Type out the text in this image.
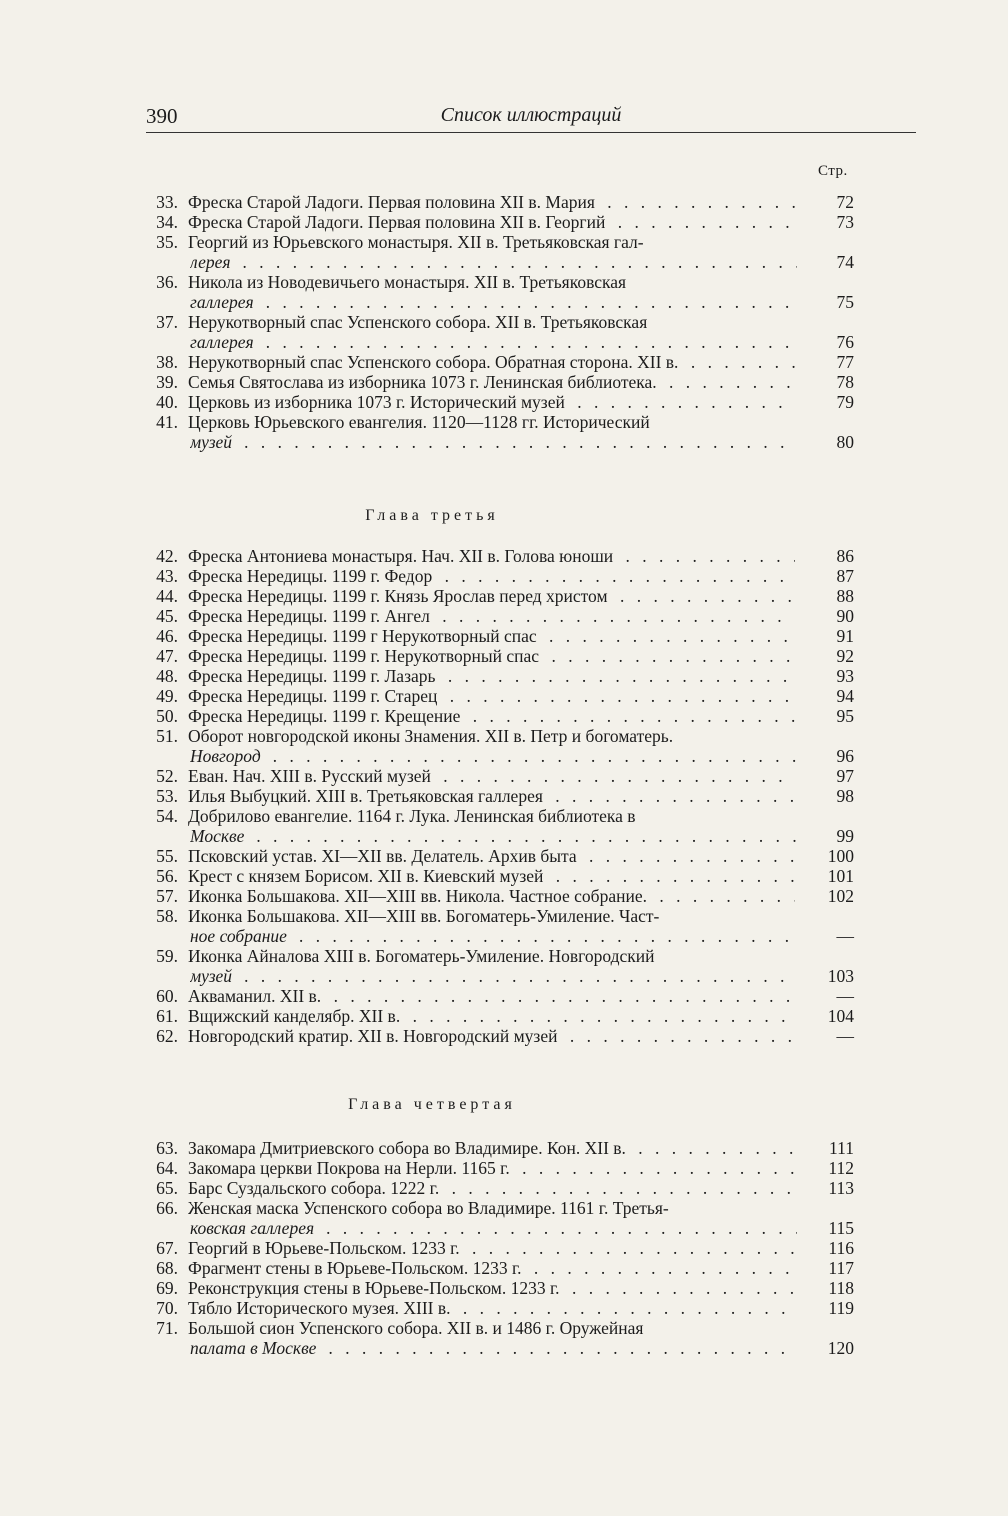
390	Список иллюстраций
Стр.
33. Фреска Старой Ладоги. Первая половина XII в. Мария . . .	72
34. Фреска Старой Ладоги. Первая половина XII в. Георгий . . .	73
35. Георгий из Юрьевского монастыря. XII в. Третьяковская гал-
лерея . . .	74
36. Никола из Новодевичьего монастыря. XII в. Третьяковская
галлерея . . .	75
37. Нерукотворный спас Успенского собора. XII в. Третьяковская
галлерея . . .	76
38. Нерукотворный спас Успенского собора. Обратная сторона. XII в. . . .	77
39. Семья Святослава из изборника 1073 г. Ленинская библиотека. . . .	78
40. Церковь из изборника 1073 г. Исторический музей . . .	79
41. Церковь Юрьевского евангелия. 1120—1128 гг. Исторический
музей . . .	80
Глава третья
42. Фреска Антониева монастыря. Нач. XII в. Голова юноши . . .	86
43. Фреска Нередицы. 1199 г. Федор . . .	87
44. Фреска Нередицы. 1199 г. Князь Ярослав перед христом . . .	88
45. Фреска Нередицы. 1199 г. Ангел . . .	90
46. Фреска Нередицы. 1199 г Нерукотворный спас . . .	91
47. Фреска Нередицы. 1199 г. Нерукотворный спас . . .	92
48. Фреска Нередицы. 1199 г. Лазарь . . .	93
49. Фреска Нередицы. 1199 г. Старец . . .	94
50. Фреска Нередицы. 1199 г. Крещение . . .	95
51. Оборот новгородской иконы Знамения. XII в. Петр и богоматерь.
Новгород . . .	96
52. Еван. Нач. XIII в. Русский музей . . .	97
53. Илья Выбуцкий. XIII в. Третьяковская галлерея . . .	98
54. Добрилово евангелие. 1164 г. Лука. Ленинская библиотека в
Москве . . .	99
55. Псковский устав. XI—XII вв. Делатель. Архив быта . . .	100
56. Крест с князем Борисом. XII в. Киевский музей . . .	101
57. Иконка Большакова. XII—XIII вв. Никола. Частное собрание. . . .	102
58. Иконка Большакова. XII—XIII вв. Богоматерь-Умиление. Част-
ное собрание . . .	—
59. Иконка Айналова XIII в. Богоматерь-Умиление. Новгородский
музей . . .	103
60. Акваманил. XII в. . . .	—
61. Вщижский канделябр. XII в. . . .	104
62. Новгородский кратир. XII в. Новгородский музей . . .	—
Глава четвертая
63. Закомара Дмитриевского собора во Владимире. Кон. XII в. . . .	111
64. Закомара церкви Покрова на Нерли. 1165 г. . . .	112
65. Барс Суздальского собора. 1222 г. . . .	113
66. Женская маска Успенского собора во Владимире. 1161 г. Третья-
ковская галлерея . . .	115
67. Георгий в Юрьеве-Польском. 1233 г. . . .	116
68. Фрагмент стены в Юрьеве-Польском. 1233 г. . . .	117
69. Реконструкция стены в Юрьеве-Польском. 1233 г. . . .	118
70. Тябло Исторического музея. XIII в. . . .	119
71. Большой сион Успенского собора. XII в. и 1486 г. Оружейная
палата в Москве . . .	120
